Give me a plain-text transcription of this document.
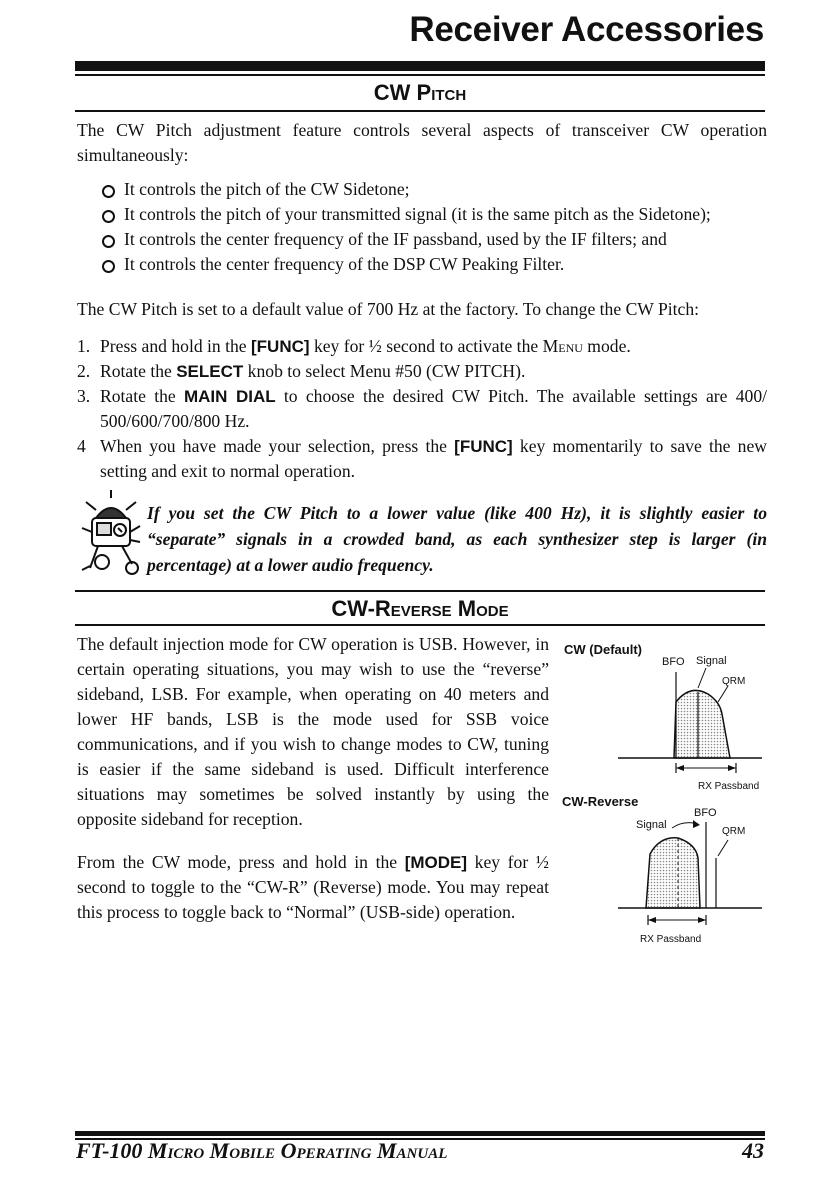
Receiver Accessories
CW Pitch
The CW Pitch adjustment feature controls several aspects of transceiver CW operation simultaneously:
It controls the pitch of the CW Sidetone;
It controls the pitch of your transmitted signal (it is the same pitch as the Sidetone);
It controls the center frequency of the IF passband, used by the IF filters; and
It controls the center frequency of the DSP CW Peaking Filter.
The CW Pitch is set to a default value of 700 Hz at the factory. To change the CW Pitch:
1. Press and hold in the [FUNC] key for ½ second to activate the Menu mode.
2. Rotate the SELECT knob to select Menu #50 (CW PITCH).
3. Rotate the MAIN DIAL to choose the desired CW Pitch. The available settings are 400/ 500/600/700/800 Hz.
4 When you have made your selection, press the [FUNC] key momentarily to save the new setting and exit to normal operation.
If you set the CW Pitch to a lower value (like 400 Hz), it is slightly easier to “separate” signals in a crowded band, as each synthesizer step is larger (in percentage) at a lower audio frequency.
CW-Reverse Mode
The default injection mode for CW operation is USB. However, in certain operating situations, you may wish to use the “reverse” sideband, LSB. For example, when operating on 40 meters and lower HF bands, LSB is the mode used for SSB voice communications, and if you wish to change modes to CW, tuning is easier if the same sideband is used. Difficult interference situations may sometimes be solved instantly by using the opposite sideband for reception.
From the CW mode, press and hold in the [MODE] key for ½ second to toggle to the “CW-R” (Reverse) mode. You may repeat this process to toggle back to “Normal” (USB-side) operation.
CW (Default)
BFO Signal
QRM
RX Passband
CW-Reverse
BFO
Signal
QRM
RX Passband
FT-100 Micro Mobile Operating Manual	43
